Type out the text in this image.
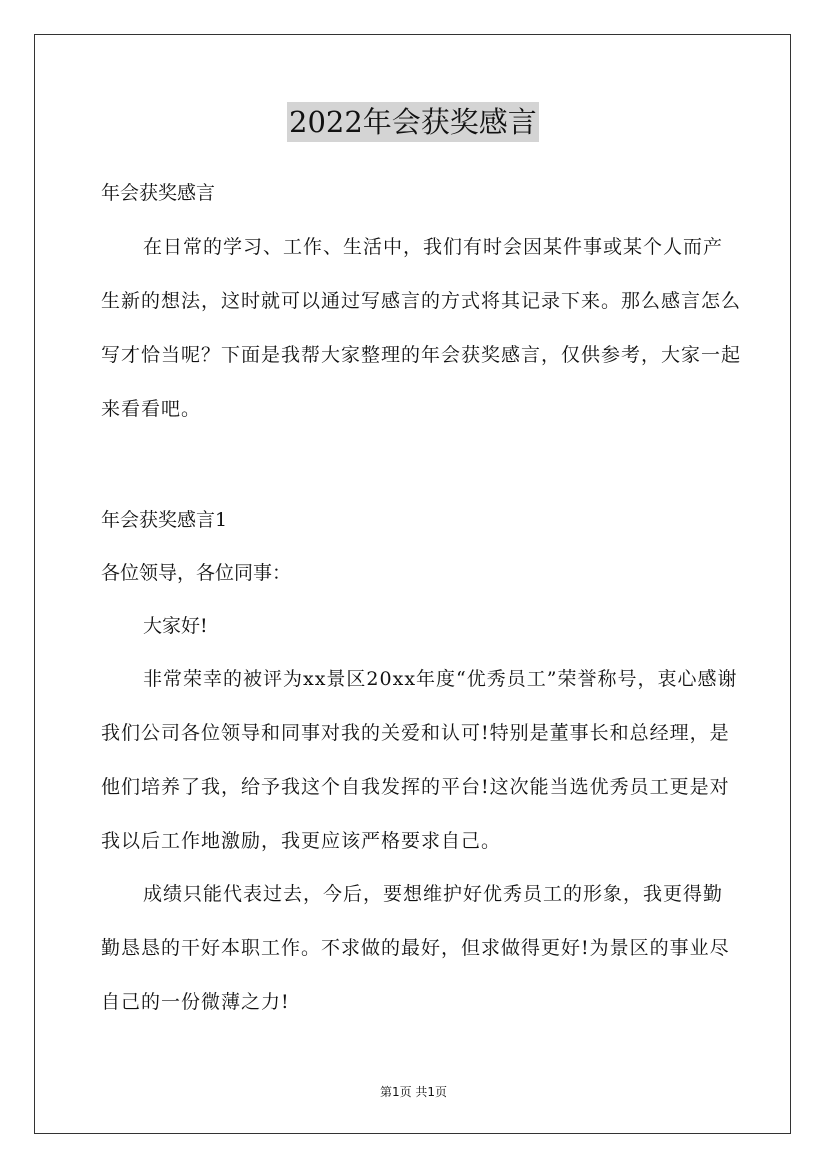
2022年会获奖感言
年会获奖感言
在日常的学习、工作、生活中，我们有时会因某件事或某个人而产生新的想法，这时就可以通过写感言的方式将其记录下来。那么感言怎么写才恰当呢？下面是我帮大家整理的年会获奖感言，仅供参考，大家一起来看看吧。
年会获奖感言1
各位领导，各位同事：
大家好!
非常荣幸的被评为xx景区20xx年度“优秀员工”荣誉称号，衷心感谢我们公司各位领导和同事对我的关爱和认可!特别是董事长和总经理，是他们培养了我，给予我这个自我发挥的平台!这次能当选优秀员工更是对我以后工作地激励，我更应该严格要求自己。
成绩只能代表过去，今后，要想维护好优秀员工的形象，我更得勤勤恳恳的干好本职工作。不求做的最好，但求做得更好!为景区的事业尽自己的一份微薄之力!
第1页 共1页
